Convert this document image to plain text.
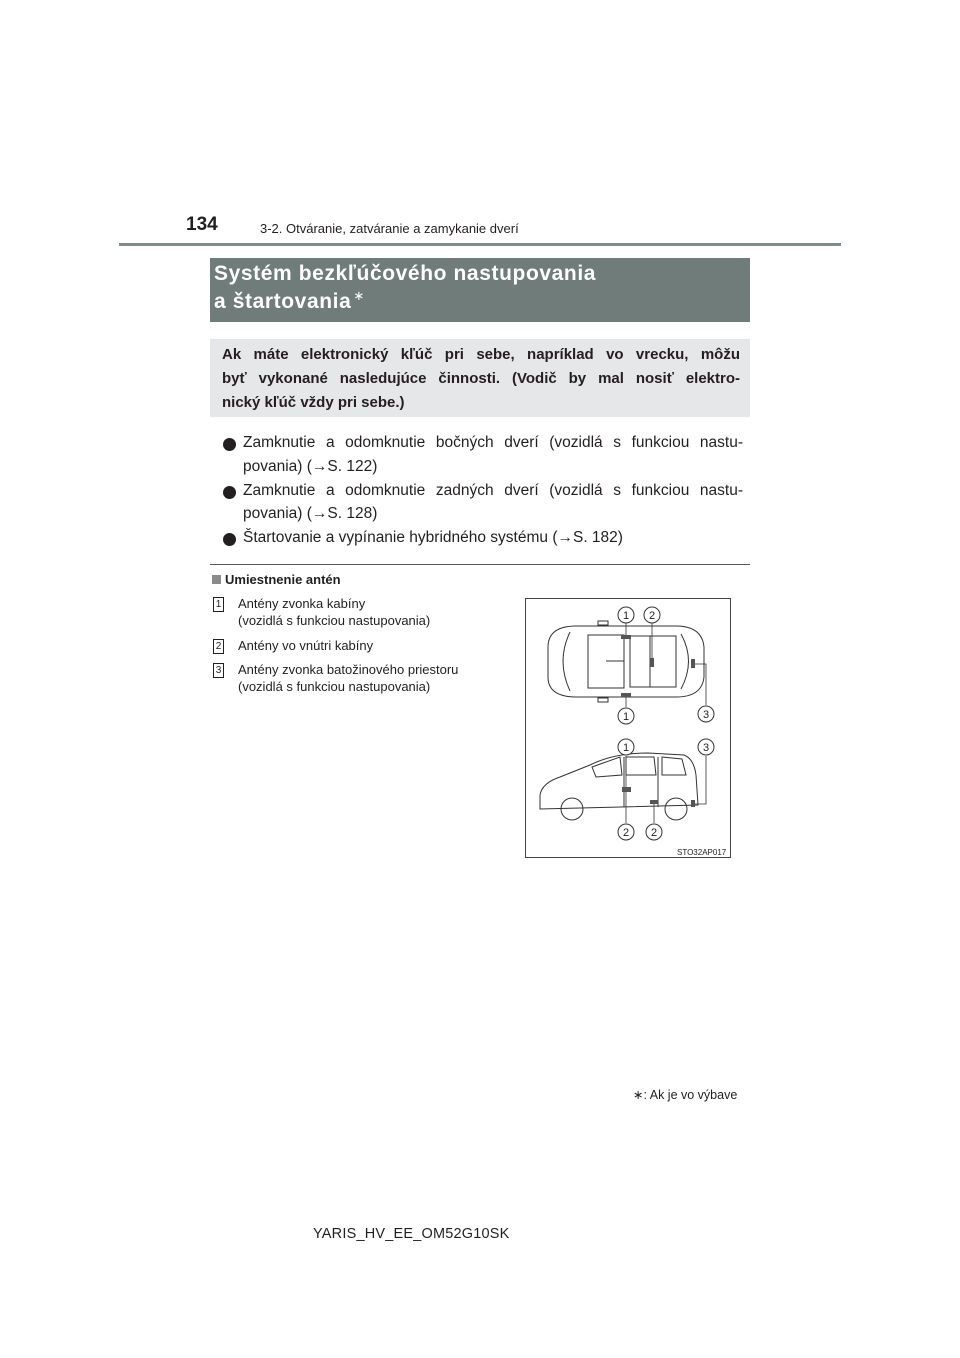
134	3-2. Otváranie, zatváranie a zamykanie dverí
Systém bezkľúčového nastupovania
a štartovania ∗
Ak máte elektronický kľúč pri sebe, napríklad vo vrecku, môžu
byť vykonané nasledujúce činnosti. (Vodič by mal nosiť elektro-
nický kľúč vždy pri sebe.)
Zamknutie a odomknutie bočných dverí (vozidlá s funkciou nastu-
povania) (→S. 122)
Zamknutie a odomknutie zadných dverí (vozidlá s funkciou nastu-
povania) (→S. 128)
Štartovanie a vypínanie hybridného systému (→S. 182)
Umiestnenie antén
1 Antény zvonka kabíny
(vozidlá s funkciou nastupovania)
2 Antény vo vnútri kabíny
3 Antény zvonka batožinového priestoru
(vozidlá s funkciou nastupovania)
1 2
1	3
1	3
2 2
STO32AP017
∗: Ak je vo výbave
YARIS_HV_EE_OM52G10SK
